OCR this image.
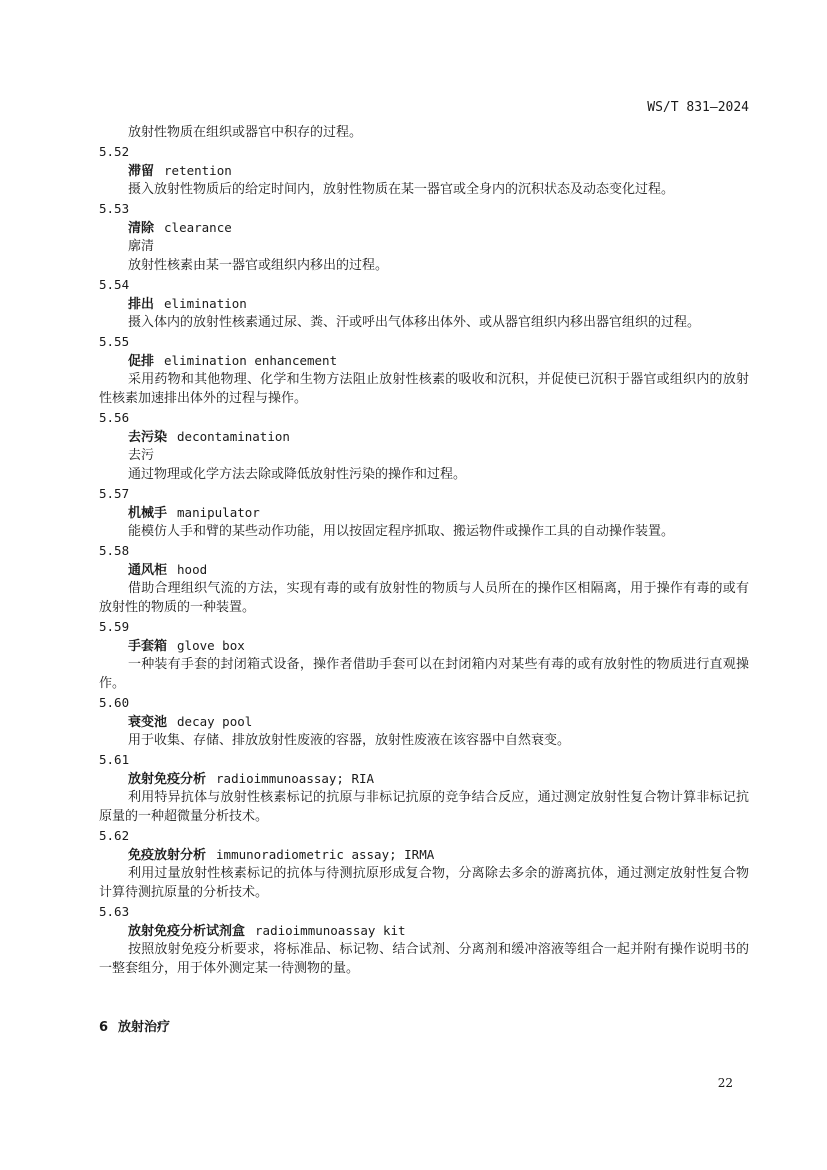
WS/T 831—2024

放射性物质在组织或器官中积存的过程。

5.52

滞留 retention

摄入放射性物质后的给定时间内，放射性物质在某一器官或全身内的沉积状态及动态变化过程。

5.53

清除 clearance

廓清

放射性核素由某一器官或组织内移出的过程。

5.54

排出 elimination

摄入体内的放射性核素通过尿、粪、汗或呼出气体移出体外、或从器官组织内移出器官组织的过程。

5.55

促排 elimination enhancement

采用药物和其他物理、化学和生物方法阻止放射性核素的吸收和沉积，并促使已沉积于器官或组织内的放射性核素加速排出体外的过程与操作。

5.56

去污染 decontamination

去污

通过物理或化学方法去除或降低放射性污染的操作和过程。

5.57

机械手 manipulator

能模仿人手和臂的某些动作功能，用以按固定程序抓取、搬运物件或操作工具的自动操作装置。

5.58

通风柜 hood

借助合理组织气流的方法，实现有毒的或有放射性的物质与人员所在的操作区相隔离，用于操作有毒的或有放射性的物质的一种装置。

5.59

手套箱 glove box

一种装有手套的封闭箱式设备，操作者借助手套可以在封闭箱内对某些有毒的或有放射性的物质进行直观操作。

5.60

衰变池 decay pool

用于收集、存储、排放放射性废液的容器，放射性废液在该容器中自然衰变。

5.61

放射免疫分析 radioimmunoassay; RIA

利用特异抗体与放射性核素标记的抗原与非标记抗原的竞争结合反应，通过测定放射性复合物计算非标记抗原量的一种超微量分析技术。

5.62

免疫放射分析 immunoradiometric assay; IRMA

利用过量放射性核素标记的抗体与待测抗原形成复合物，分离除去多余的游离抗体，通过测定放射性复合物计算待测抗原量的分析技术。

5.63

放射免疫分析试剂盒 radioimmunoassay kit

按照放射免疫分析要求，将标准品、标记物、结合试剂、分离剂和缓冲溶液等组合一起并附有操作说明书的一整套组分，用于体外测定某一待测物的量。

6 放射治疗
22
